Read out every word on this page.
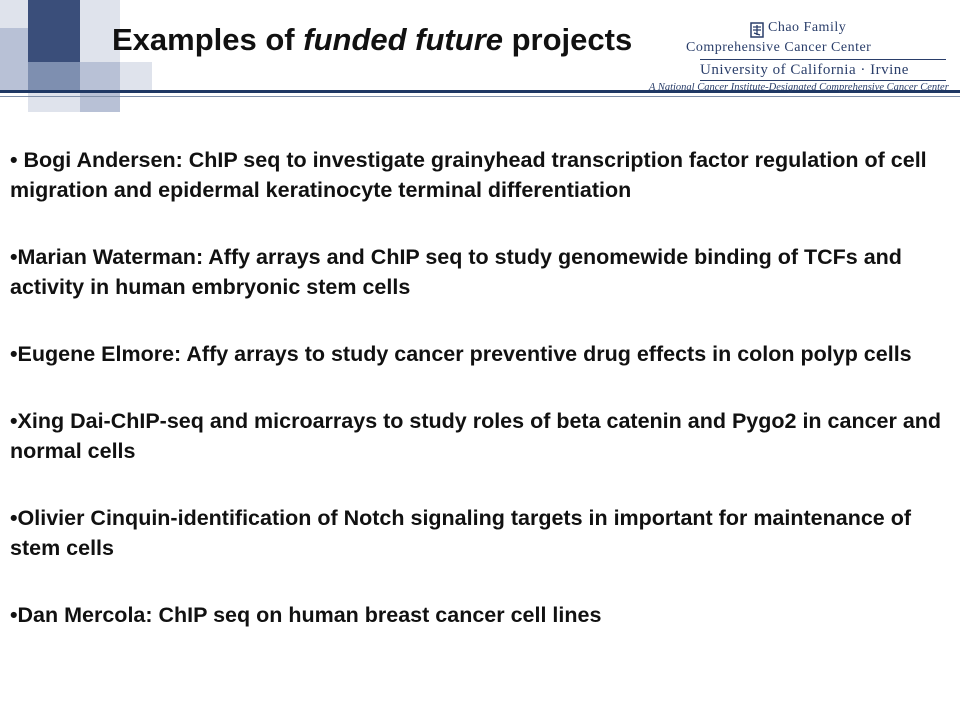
Examples of funded future projects	Chao Family
Comprehensive Cancer Center
University of California · Irvine
A National Cancer Institute-Designated Comprehensive Cancer Center
• Bogi Andersen: ChIP seq to investigate grainyhead transcription factor regulation of cell migration and epidermal keratinocyte terminal differentiation
•Marian Waterman: Affy arrays and ChIP seq to study genomewide binding of TCFs and activity in human embryonic stem cells
•Eugene Elmore: Affy arrays to study cancer preventive drug effects in colon polyp cells
•Xing Dai-ChIP-seq and microarrays to study roles of beta catenin and Pygo2 in cancer and normal cells
•Olivier Cinquin-identification of Notch signaling targets in important for maintenance of stem cells
•Dan Mercola: ChIP seq on human breast cancer cell lines
